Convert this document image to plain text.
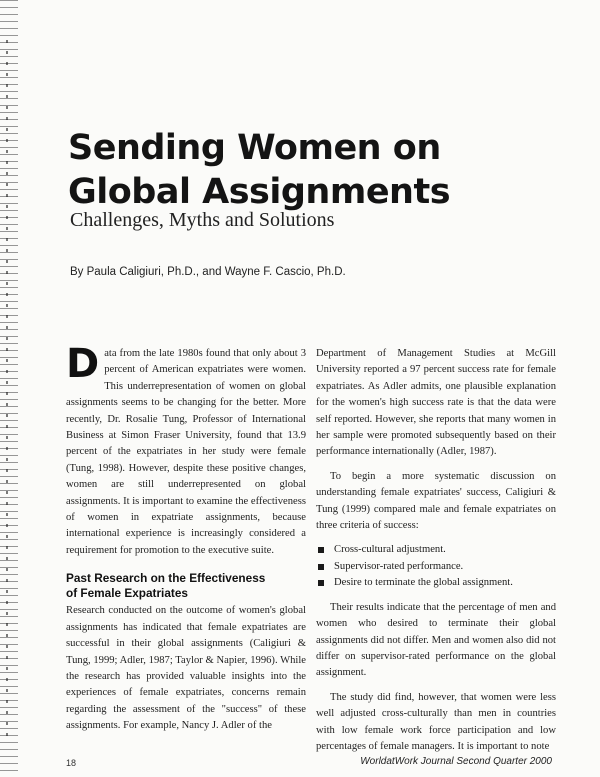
Sending Women on
Global Assignments

Challenges, Myths and Solutions

By Paula Caligiuri, Ph.D., and Wayne F. Cascio, Ph.D.

Data from the late 1980s found that only about 3 percent of American expatriates were women. This underrepresentation of women on global assignments seems to be changing for the better. More recently, Dr. Rosalie Tung, Professor of International Business at Simon Fraser University, found that 13.9 percent of the expatriates in her study were female (Tung, 1998). However, despite these positive changes, women are still underrepresented on global assignments. It is important to examine the effectiveness of women in expatriate assignments, because international experience is increasingly considered a requirement for promotion to the executive suite.

Past Research on the Effectiveness
of Female Expatriates

Research conducted on the outcome of women's global assignments has indicated that female expatriates are successful in their global assignments (Caligiuri & Tung, 1999; Adler, 1987; Taylor & Napier, 1996). While the research has provided valuable insights into the experiences of female expatriates, concerns remain regarding the assessment of the "success" of these assignments. For example, Nancy J. Adler of the

Department of Management Studies at McGill University reported a 97 percent success rate for female expatriates. As Adler admits, one plausible explanation for the women's high success rate is that the data were self reported. However, she reports that many women in her sample were promoted subsequently based on their performance internationally (Adler, 1987).

To begin a more systematic discussion on understanding female expatriates' success, Caligiuri & Tung (1999) compared male and female expatriates on three criteria of success:

Cross-cultural adjustment.
Supervisor-rated performance.
Desire to terminate the global assignment.

Their results indicate that the percentage of men and women who desired to terminate their global assignments did not differ. Men and women also did not differ on supervisor-rated performance on the global assignment.

The study did find, however, that women were less well adjusted cross-culturally than men in countries with low female work force participation and low percentages of female managers. It is important to note

18	WorldatWork Journal Second Quarter 2000
